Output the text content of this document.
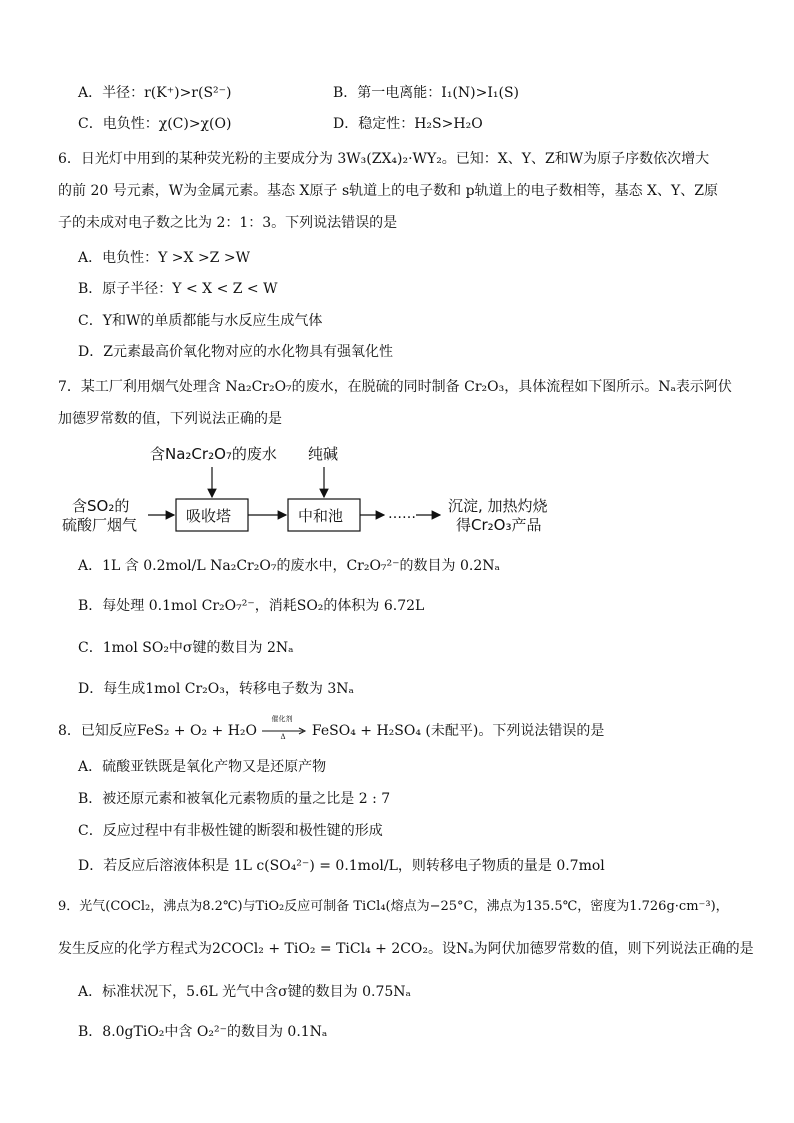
A．半径：r(K⁺)>r(S²⁻)	B．第一电离能：I₁(N)>I₁(S)
C．电负性：χ(C)>χ(O)	D．稳定性：H₂S>H₂O
6．日光灯中用到的某种荧光粉的主要成分为 3W₃(ZX₄)₂·WY₂。已知：X、Y、Z和W为原子序数依次增大
的前 20 号元素，W为金属元素。基态 X原子 s轨道上的电子数和 p轨道上的电子数相等，基态 X、Y、Z原
子的未成对电子数之比为 2：1：3。下列说法错误的是
A．电负性：Y >X >Z >W
B．原子半径：Y < X < Z < W
C．Y和W的单质都能与水反应生成气体
D．Z元素最高价氧化物对应的水化物具有强氧化性
7．某工厂利用烟气处理含 Na₂Cr₂O₇的废水，在脱硫的同时制备 Cr₂O₃，具体流程如下图所示。Nₐ表示阿伏
加德罗常数的值，下列说法正确的是
含Na₂Cr₂O₇的废水 纯碱
含SO₂的
硫酸厂烟气	吸收塔	中和池	…… 沉淀, 加热灼烧
得Cr₂O₃产品
A．1L 含 0.2mol/L Na₂Cr₂O₇的废水中，Cr₂O₇²⁻的数目为 0.2Nₐ
B．每处理 0.1mol Cr₂O₇²⁻，消耗SO₂的体积为 6.72L
C．1mol SO₂中σ键的数目为 2Nₐ
D．每生成1mol Cr₂O₃，转移电子数为 3Nₐ
8．已知反应FeS₂ + O₂ + H₂O
催化剂
Δ FeSO₄ + H₂SO₄ (未配平)。下列说法错误的是
A．硫酸亚铁既是氧化产物又是还原产物
B．被还原元素和被氧化元素物质的量之比是 2 : 7
C．反应过程中有非极性键的断裂和极性键的形成
D．若反应后溶液体积是 1L c(SO₄²⁻) = 0.1mol/L，则转移电子物质的量是 0.7mol
9．光气(COCl₂，沸点为8.2℃)与TiO₂反应可制备 TiCl₄(熔点为−25°C，沸点为135.5℃，密度为1.726g·cm⁻³)，
发生反应的化学方程式为2COCl₂ + TiO₂ = TiCl₄ + 2CO₂。设Nₐ为阿伏加德罗常数的值，则下列说法正确的是
A．标准状况下，5.6L 光气中含σ键的数目为 0.75Nₐ
B．8.0gTiO₂中含 O₂²⁻的数目为 0.1Nₐ
